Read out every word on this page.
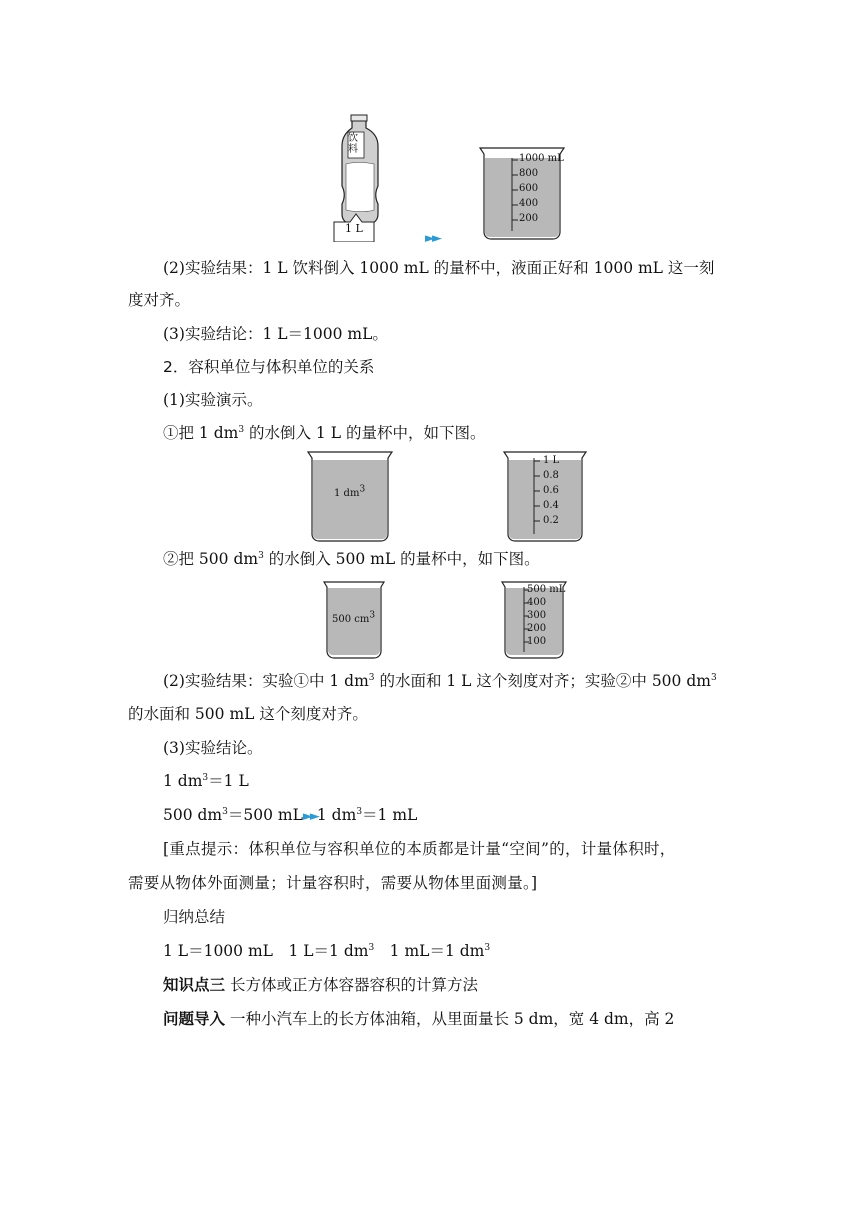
饮
料
1 L
►►
1000 mL
800
600
400
200
(2)实验结果：1 L 饮料倒入 1000 mL 的量杯中，液面正好和 1000 mL 这一刻
度对齐。
(3)实验结论：1 L＝1000 mL。
2．容积单位与体积单位的关系
(1)实验演示。
①把 1 $dm^3$ 的水倒入 1 L 的量杯中，如下图。
1 $dm^3$
1 L
0.8
0.6
0.4
0.2
②把 500 $dm^3$ 的水倒入 500 mL 的量杯中，如下图。
500 $cm^3$
500 mL
400
300
200
100
(2)实验结果：实验①中 1 $dm^3$ 的水面和 1 L 这个刻度对齐；实验②中 500 $dm^3$
的水面和 500 mL 这个刻度对齐。
(3)实验结论。
1 $dm^3=1$ L
500 $dm^3=500$ mL►►1 $dm^3=1$ mL
[重点提示：体积单位与容积单位的本质都是计量“空间”的，计量体积时，
需要从物体外面测量；计量容积时，需要从物体里面测量。]
归纳总结
1 L＝1000 mL　1 L＝1 $dm^3$　1 mL＝1 $dm^3$
知识点三 长方体或正方体容器容积的计算方法
问题导入 一种小汽车上的长方体油箱，从里面量长 5 dm，宽 4 dm，高 2
